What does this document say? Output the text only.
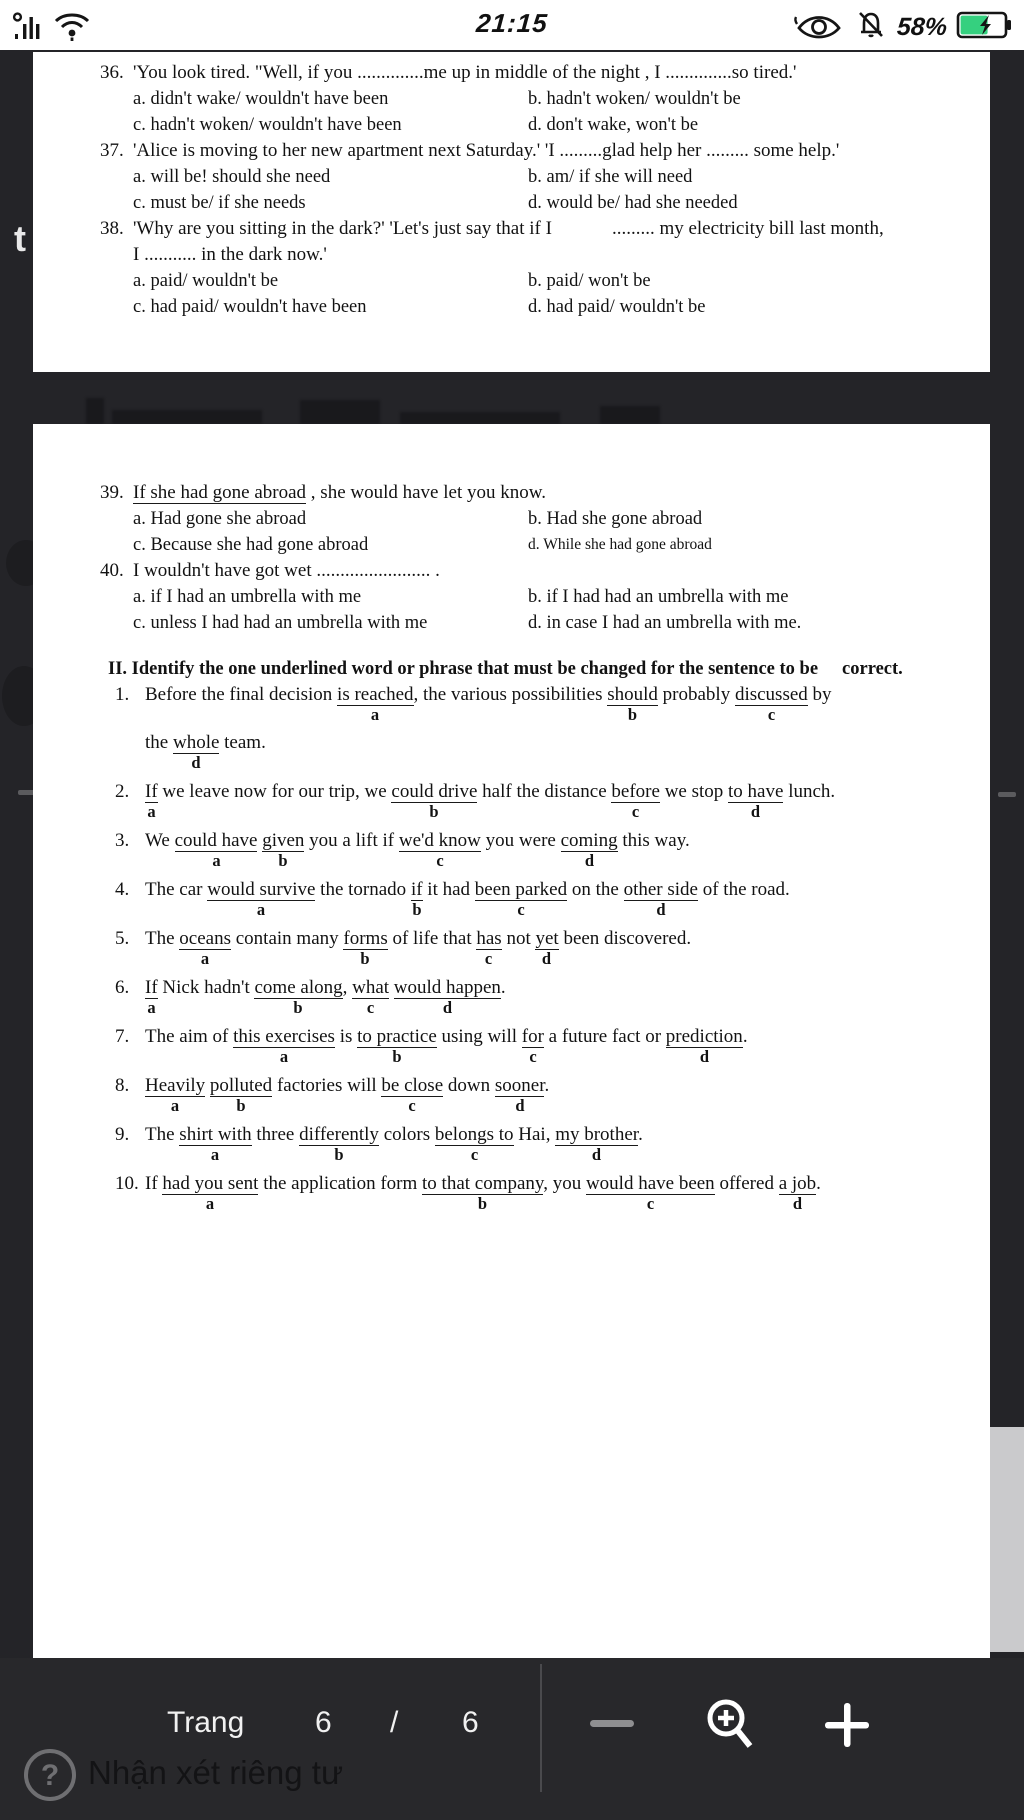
21:15	58%
t
36. 'You look tired. "Well, if you ..............me up in middle of the night , I ..............so tired.'
a. didn't wake/ wouldn't have been	b. hadn't woken/ wouldn't be
c. hadn't woken/ wouldn't have been	d. don't wake, won't be
37. 'Alice is moving to her new apartment next Saturday.' 'I .........glad help her ......... some help.'
a. will be! should she need	b. am/ if she will need
c. must be/ if she needs	d. would be/ had she needed
38. 'Why are you sitting in the dark?' 'Let's just say that if I	......... my electricity bill last month,
I ........... in the dark now.'
a. paid/ wouldn't be	b. paid/ won't be
c. had paid/ wouldn't have been	d. had paid/ wouldn't be
39. If she had gone abroad , she would have let you know.
a. Had gone she abroad	b. Had she gone abroad
c. Because she had gone abroad	d. While she had gone abroad
40. I wouldn't have got wet ........................ .
a. if I had an umbrella with me	b. if I had had an umbrella with me
c. unless I had had an umbrella with me	d. in case I had an umbrella with me.
II. Identify the one underlined word or phrase that must be changed for the sentence to be correct.
1. Before the final decision is reached, the various possibilities should probably discussed by
a	b	c
the whole team.
d
2. If we leave now for our trip, we could drive half the distance before we stop to have lunch.
a	b	c	d
3. We could have given you a lift if we'd know you were coming this way.
a	b	c	d
4. The car would survive the tornado if it had been parked on the other side of the road.
a	b	c	d
5. The oceans contain many forms of life that has not yet been discovered.
a	b	c	d
6. If Nick hadn't come along, what would happen.
a	b	c	d
7. The aim of this exercises is to practice using will for a future fact or prediction.
a	b	c	d
8. Heavily polluted factories will be close down sooner.
a	b	c	d
9. The shirt with three differently colors belongs to Hai, my brother.
a	b	c	d
10. If had you sent the application form to that company, you would have been offered a job.
a	b	c	d
Trang 6 / 6
? Nhận xét riêng tư
